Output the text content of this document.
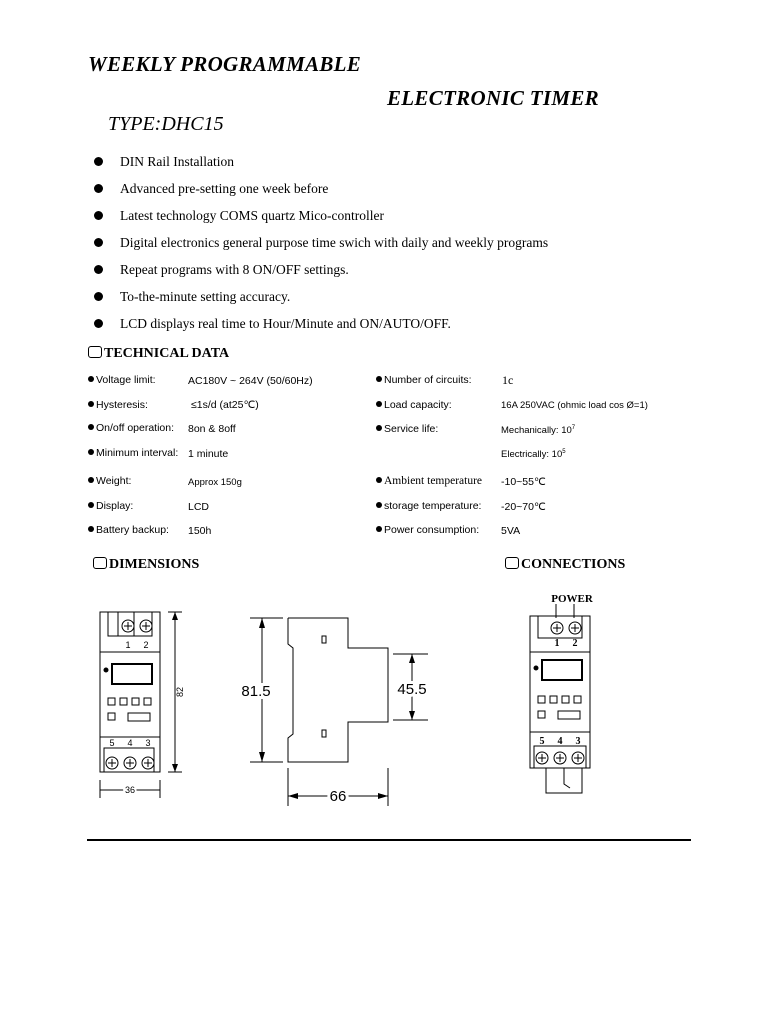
WEEKLY PROGRAMMABLE
ELECTRONIC TIMER
TYPE:DHC15
DIN Rail Installation
Advanced pre-setting one week before
Latest technology COMS quartz Mico-controller
Digital electronics general purpose time swich with daily and weekly programs
Repeat programs with 8 ON/OFF settings.
To-the-minute setting accuracy.
LCD displays real time to Hour/Minute and ON/AUTO/OFF.
TECHNICAL DATA
Voltage limit:	AC180V ~ 264V (50/60Hz)
Hysteresis:	≤1s/d (at25℃)
On/off operation: 8on & 8off
Minimum interval: 1 minute
Weight:	Approx 150g
Display:	LCD
Battery backup: 150h
Number of circuits:	1c
Load capacity:	16A 250VAC (ohmic load cos Ø=1)
Service life:	Mechanically: $10^7$
Electrically: $10^5$
Ambient temperature -10~55℃
storage temperature: -20~70℃
Power consumption: 5VA
DIMENSIONS	CONNECTIONS
1 2
5 4 3
36
82	81.5	45.5
66
POWER
1 2
5 4 3
